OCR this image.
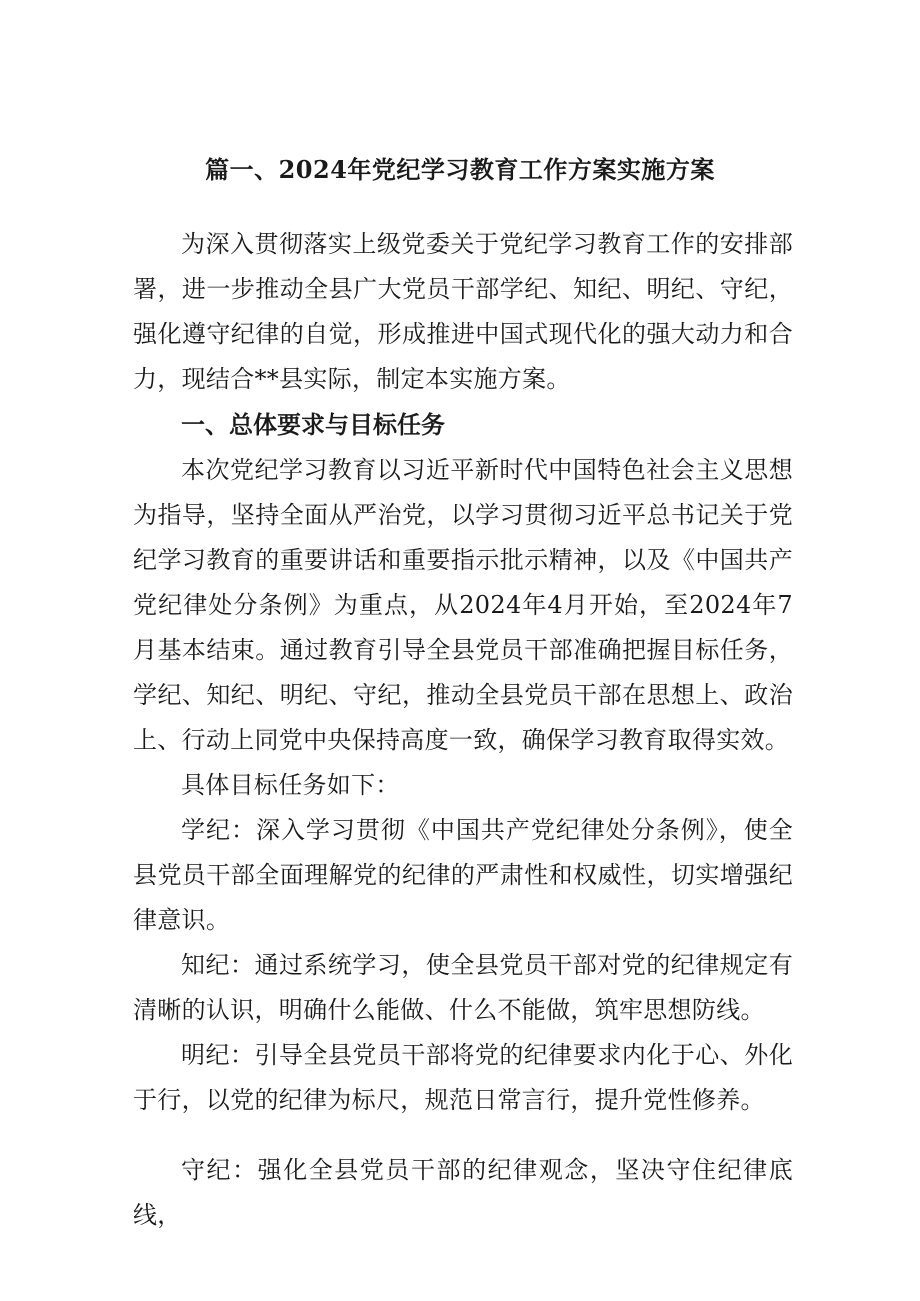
篇一、2024年党纪学习教育工作方案实施方案

为深入贯彻落实上级党委关于党纪学习教育工作的安排部署，进一步推动全县广大党员干部学纪、知纪、明纪、守纪，强化遵守纪律的自觉，形成推进中国式现代化的强大动力和合力，现结合**县实际，制定本实施方案。

一、总体要求与目标任务

本次党纪学习教育以习近平新时代中国特色社会主义思想为指导，坚持全面从严治党，以学习贯彻习近平总书记关于党纪学习教育的重要讲话和重要指示批示精神，以及《中国共产党纪律处分条例》为重点，从2024年4月开始，至2024年7月基本结束。通过教育引导全县党员干部准确把握目标任务，学纪、知纪、明纪、守纪，推动全县党员干部在思想上、政治上、行动上同党中央保持高度一致，确保学习教育取得实效。

具体目标任务如下：

学纪：深入学习贯彻《中国共产党纪律处分条例》，使全县党员干部全面理解党的纪律的严肃性和权威性，切实增强纪律意识。

知纪：通过系统学习，使全县党员干部对党的纪律规定有清晰的认识，明确什么能做、什么不能做，筑牢思想防线。

明纪：引导全县党员干部将党的纪律要求内化于心、外化于行，以党的纪律为标尺，规范日常言行，提升党性修养。

守纪：强化全县党员干部的纪律观念，坚决守住纪律底线，
